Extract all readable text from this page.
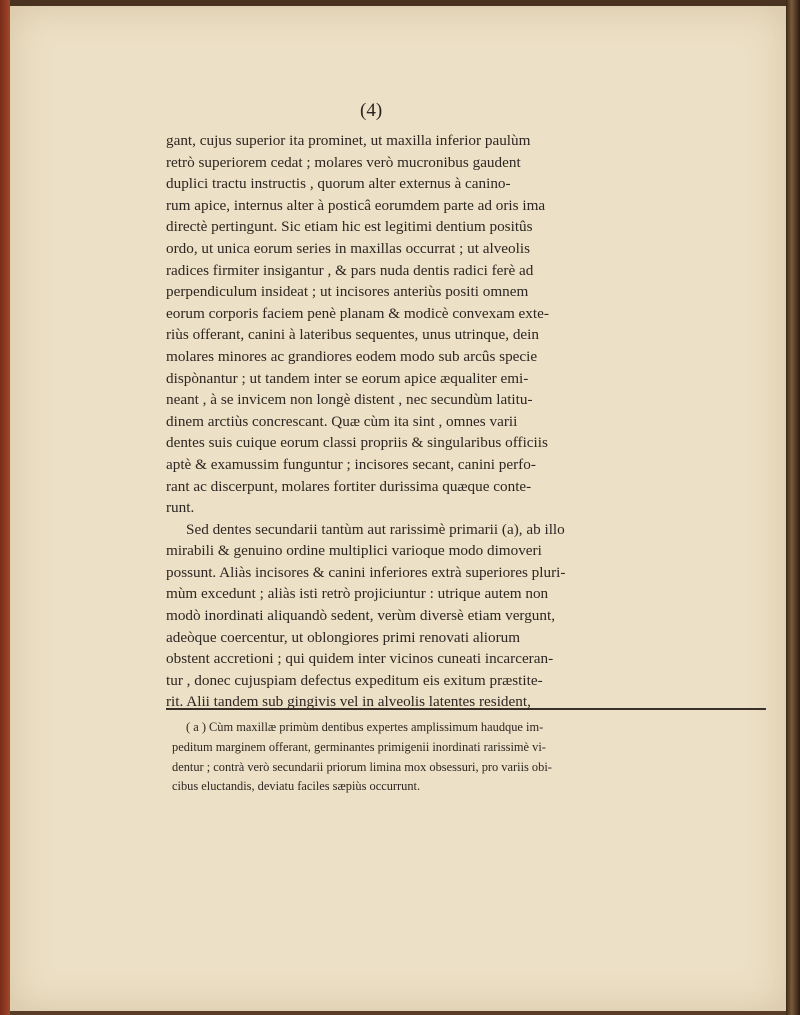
(4)
gant, cujus superior ita prominet, ut maxilla inferior paulùm
retrò superiorem cedat ; molares verò mucronibus gaudent
duplici tractu instructis , quorum alter externus à canino-
rum apice, internus alter à posticâ eorumdem parte ad oris ima
directè pertingunt. Sic etiam hic est legitimi dentium positûs
ordo, ut unica eorum series in maxillas occurrat ; ut alveolis
radices firmiter insigantur , & pars nuda dentis radici ferè ad
perpendiculum insideat ; ut incisores anteriùs positi omnem
eorum corporis faciem penè planam & modicè convexam exte-
riùs offerant, canini à lateribus sequentes, unus utrinque, dein
molares minores ac grandiores eodem modo sub arcûs specie
dispònantur ; ut tandem inter se eorum apice æqualiter emi-
neant , à se invicem non longè distent , nec secundùm latitu-
dinem arctiùs concrescant. Quæ cùm ita sint , omnes varii
dentes suis cuique eorum classi propriis & singularibus officiis
aptè & examussim funguntur ; incisores secant, canini perfo-
rant ac discerpunt, molares fortiter durissima quæque conte-
runt.
Sed dentes secundarii tantùm aut rarissimè primarii (a), ab illo
mirabili & genuino ordine multiplici varioque modo dimoveri
possunt. Aliàs incisores & canini inferiores extrà superiores pluri-
mùm excedunt ; aliàs isti retrò projiciuntur : utrique autem non
modò inordinati aliquandò sedent, verùm diversè etiam vergunt,
adeòque coercentur, ut oblongiores primi renovati aliorum
obstent accretioni ; qui quidem inter vicinos cuneati incarceran-
tur , donec cujuspiam defectus expeditum eis exitum præstite-
rit. Alii tandem sub gingivis vel in alveolis latentes resident,
( a ) Cùm maxillæ primùm dentibus expertes amplissimum haudque im-
peditum marginem offerant, germinantes primigenii inordinati rarissimè vi-
dentur ; contrà verò secundarii priorum limina mox obsessuri, pro variis obi-
cibus eluctandis, deviatu faciles sæpiùs occurrunt.
